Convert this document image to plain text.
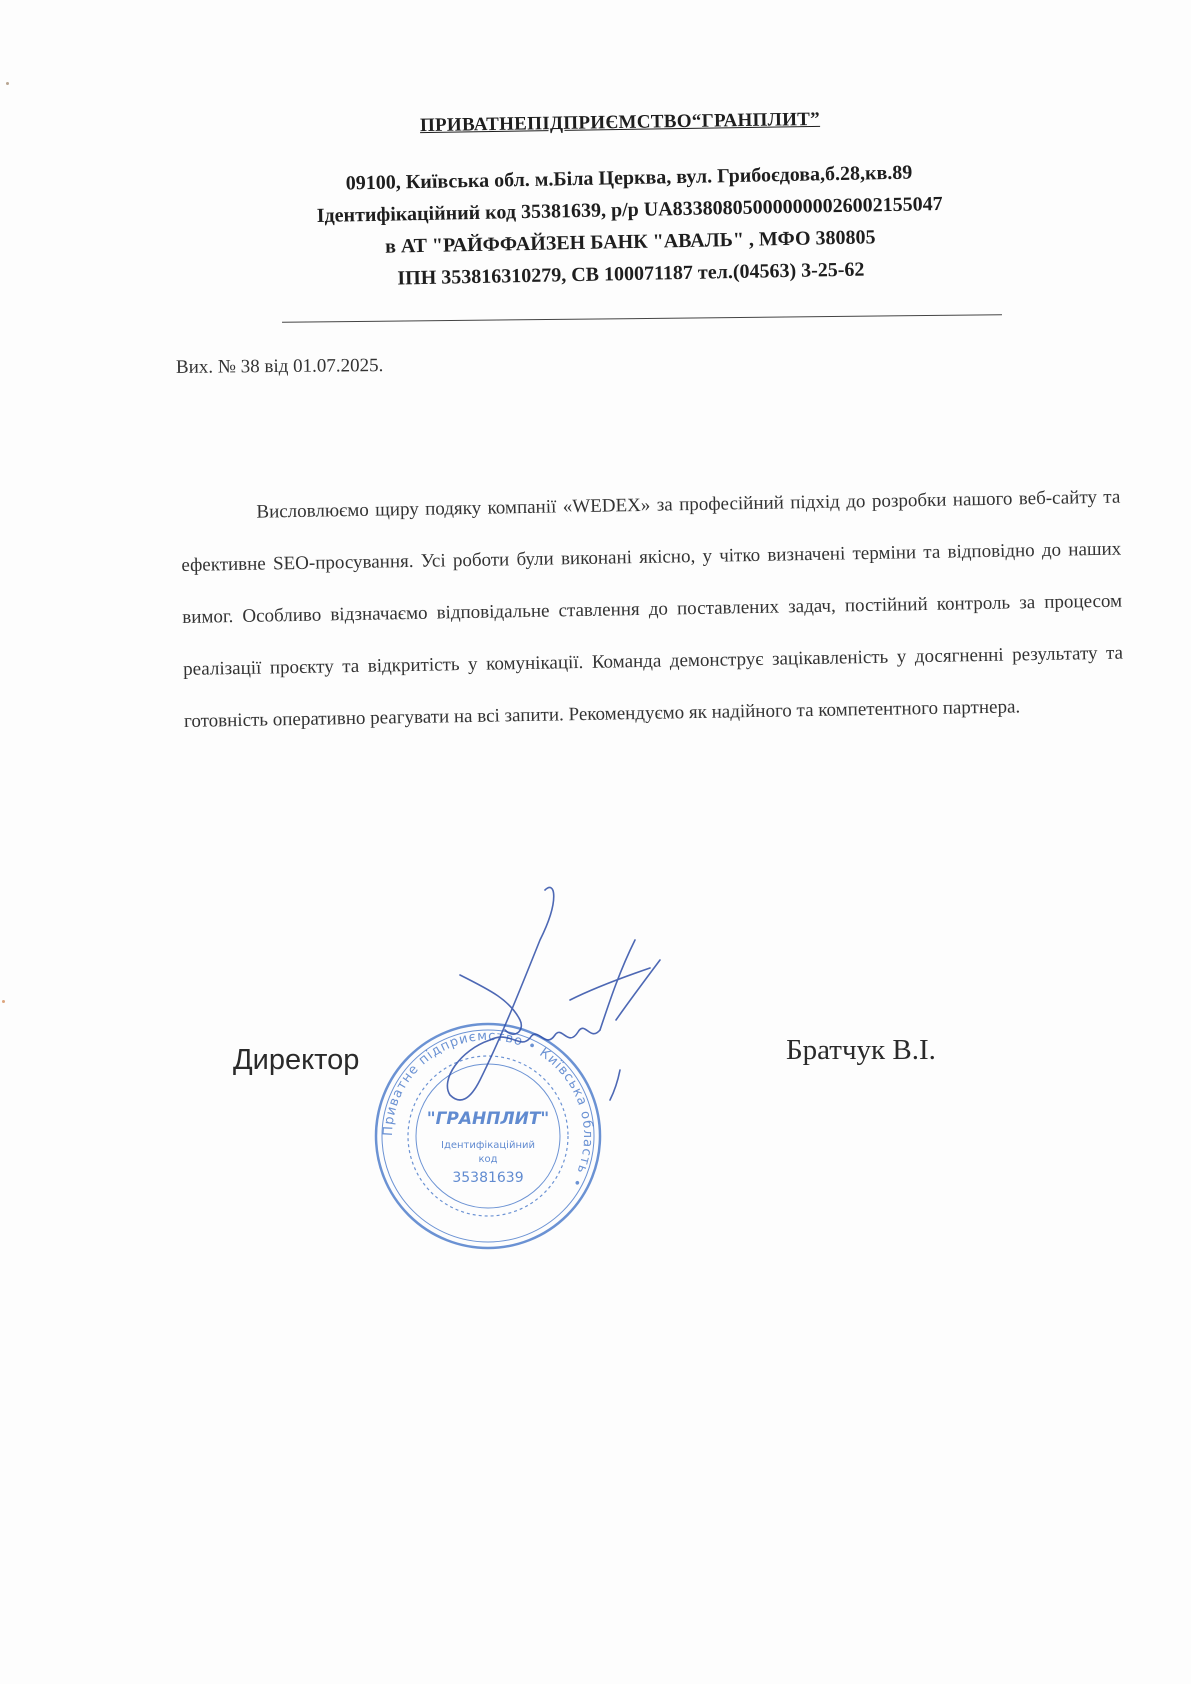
ПРИВАТНЕПІДПРИЄМСТВО“ГРАНПЛИТ”
09100, Київська обл. м.Біла Церква, вул. Грибоєдова,б.28,кв.89
Ідентифікаційний код 35381639, р/р UA833808050000000026002155047
в АТ "РАЙФФАЙЗЕН БАНК "АВАЛЬ" , МФО 380805
ІПН 353816310279, СВ 100071187 тел.(04563) 3-25-62
Вих. № 38 від 01.07.2025.
Висловлюємо щиру подяку компанії «WEDEX» за професійний підхід до розробки нашого веб-сайту та ефективне SEO-просування. Усі роботи були виконані якісно, у чітко визначені терміни та відповідно до наших вимог. Особливо відзначаємо відповідальне ставлення до поставлених задач, постійний контроль за процесом реалізації проєкту та відкритість у комунікації. Команда демонструє зацікавленість у досягненні результату та готовність оперативно реагувати на всі запити. Рекомендуємо як надійного та компетентного партнера.
Директор	Братчук В.І.
Приватне підприємство • Київська область •
"ГРАНПЛИТ"
Ідентифікаційний
код
35381639
